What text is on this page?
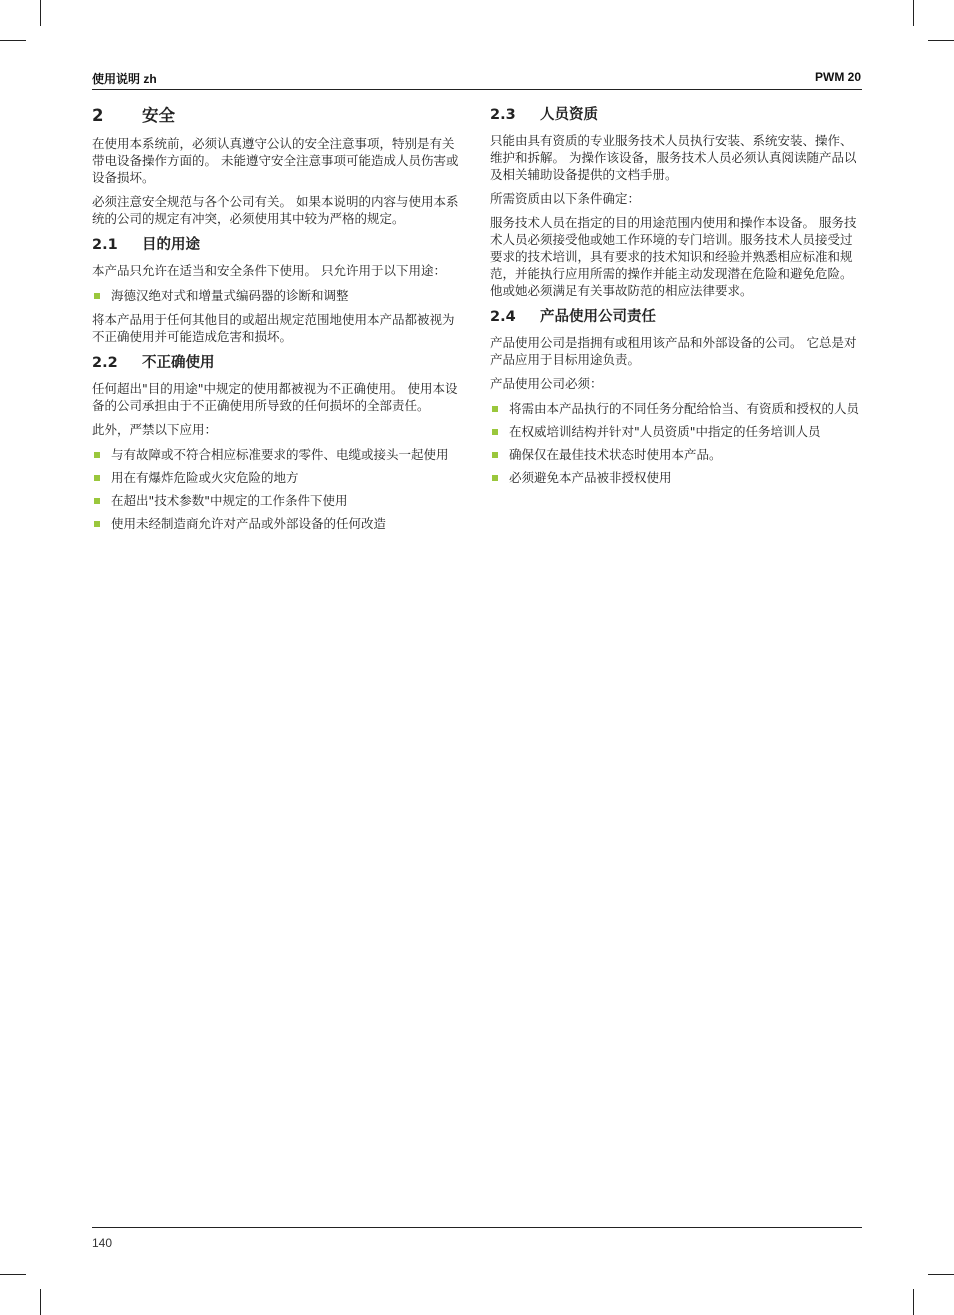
使用说明 zh	PWM 20
2	安全

在使用本系统前，必须认真遵守公认的安全注意事项，特别是有关带电设备操作方面的。 未能遵守安全注意事项可能造成人员伤害或设备损坏。

必须注意安全规范与各个公司有关。 如果本说明的内容与使用本系统的公司的规定有冲突，必须使用其中较为严格的规定。

2.1	目的用途

本产品只允许在适当和安全条件下使用。 只允许用于以下用途：

海德汉绝对式和增量式编码器的诊断和调整

将本产品用于任何其他目的或超出规定范围地使用本产品都被视为不正确使用并可能造成危害和损坏。

2.2	不正确使用

任何超出"目的用途"中规定的使用都被视为不正确使用。 使用本设备的公司承担由于不正确使用所导致的任何损坏的全部责任。

此外，严禁以下应用：

与有故障或不符合相应标准要求的零件、电缆或接头一起使用
用在有爆炸危险或火灾危险的地方
在超出"技术参数"中规定的工作条件下使用
使用未经制造商允许对产品或外部设备的任何改造
2.3	人员资质

只能由具有资质的专业服务技术人员执行安装、系统安装、操作、维护和拆解。 为操作该设备，服务技术人员必须认真阅读随产品以及相关辅助设备提供的文档手册。

所需资质由以下条件确定：

服务技术人员在指定的目的用途范围内使用和操作本设备。 服务技术人员必须接受他或她工作环境的专门培训。服务技术人员接受过要求的技术培训，具有要求的技术知识和经验并熟悉相应标准和规范，并能执行应用所需的操作并能主动发现潜在危险和避免危险。 他或她必须满足有关事故防范的相应法律要求。

2.4	产品使用公司责任

产品使用公司是指拥有或租用该产品和外部设备的公司。 它总是对产品应用于目标用途负责。

产品使用公司必须：

将需由本产品执行的不同任务分配给恰当、有资质和授权的人员
在权威培训结构并针对"人员资质"中指定的任务培训人员
确保仅在最佳技术状态时使用本产品。
必须避免本产品被非授权使用
140
